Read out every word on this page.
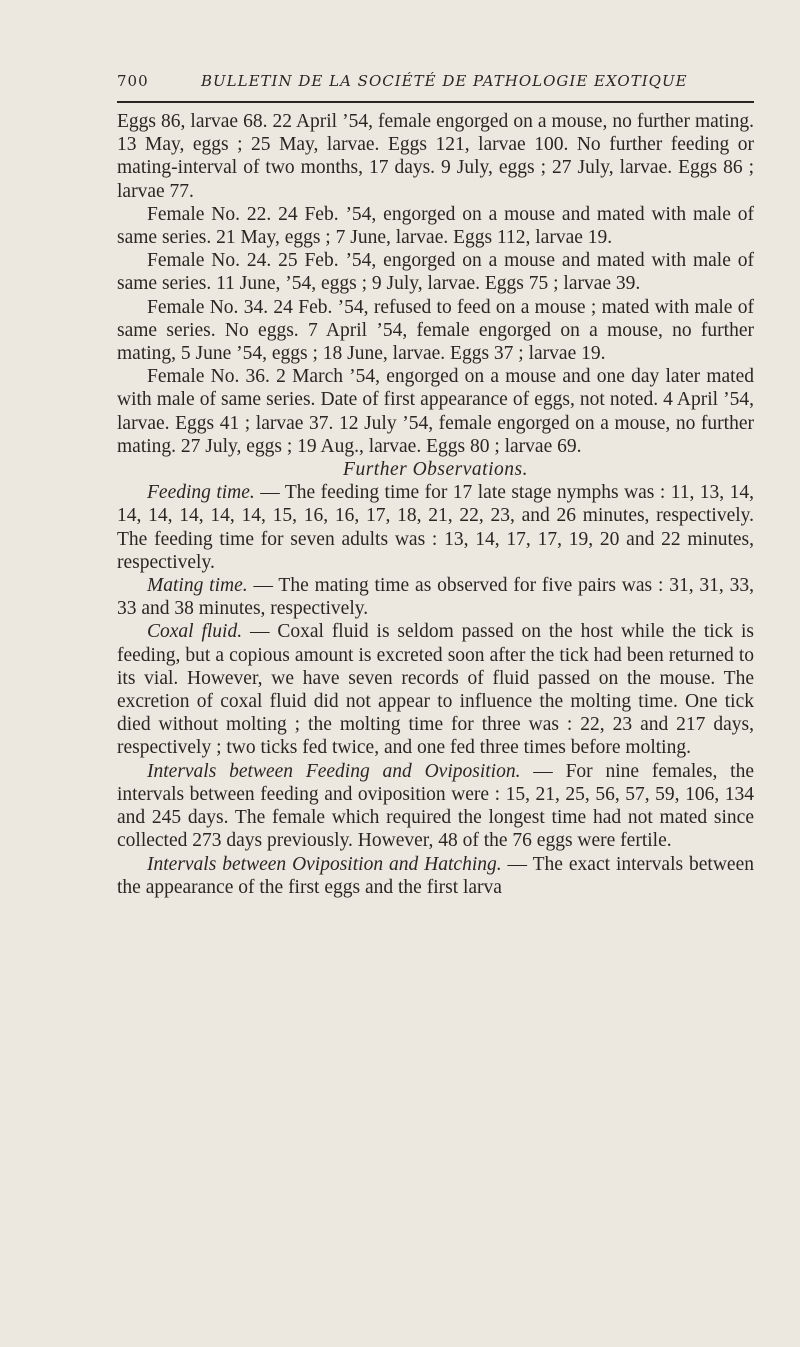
700	BULLETIN DE LA SOCIÉTÉ DE PATHOLOGIE EXOTIQUE

Eggs 86, larvae 68. 22 April ’54, female engorged on a mouse, no further mating. 13 May, eggs ; 25 May, larvae. Eggs 121, larvae 100. No further feeding or mating-interval of two months, 17 days. 9 July, eggs ; 27 July, larvae. Eggs 86 ; larvae 77.

Female No. 22. 24 Feb. ’54, engorged on a mouse and mated with male of same series. 21 May, eggs ; 7 June, larvae. Eggs 112, larvae 19.

Female No. 24. 25 Feb. ’54, engorged on a mouse and mated with male of same series. 11 June, ’54, eggs ; 9 July, larvae. Eggs 75 ; larvae 39.

Female No. 34. 24 Feb. ’54, refused to feed on a mouse ; mated with male of same series. No eggs. 7 April ’54, female engorged on a mouse, no further mating, 5 June ’54, eggs ; 18 June, larvae. Eggs 37 ; larvae 19.

Female No. 36. 2 March ’54, engorged on a mouse and one day later mated with male of same series. Date of first appearance of eggs, not noted. 4 April ’54, larvae. Eggs 41 ; larvae 37. 12 July ’54, female engorged on a mouse, no further mating. 27 July, eggs ; 19 Aug., larvae. Eggs 80 ; larvae 69.

Further Observations.

Feeding time. — The feeding time for 17 late stage nymphs was : 11, 13, 14, 14, 14, 14, 14, 14, 15, 16, 16, 17, 18, 21, 22, 23, and 26 minutes, respectively. The feeding time for seven adults was : 13, 14, 17, 17, 19, 20 and 22 minutes, respectively.

Mating time. — The mating time as observed for five pairs was : 31, 31, 33, 33 and 38 minutes, respectively.

Coxal fluid. — Coxal fluid is seldom passed on the host while the tick is feeding, but a copious amount is excreted soon after the tick had been returned to its vial. However, we have seven records of fluid passed on the mouse. The excretion of coxal fluid did not appear to influence the molting time. One tick died without molting ; the molting time for three was : 22, 23 and 217 days, respectively ; two ticks fed twice, and one fed three times before molting.

Intervals between Feeding and Oviposition. — For nine females, the intervals between feeding and oviposition were : 15, 21, 25, 56, 57, 59, 106, 134 and 245 days. The female which required the longest time had not mated since collected 273 days previously. However, 48 of the 76 eggs were fertile.

Intervals between Oviposition and Hatching. — The exact intervals between the appearance of the first eggs and the first larva
